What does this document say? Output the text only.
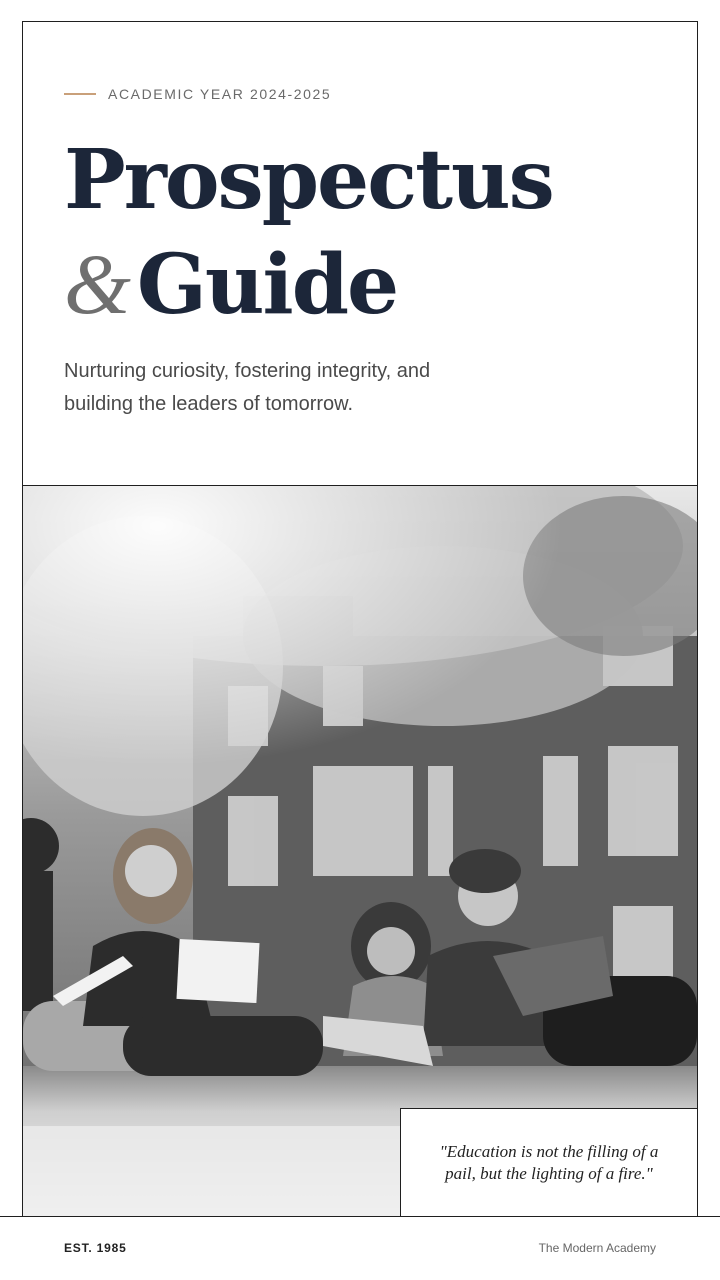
ACADEMIC YEAR 2024-2025
Prospectus
&Guide
Nurturing curiosity, fostering integrity, and building the leaders of tomorrow.
"Education is not the filling of a pail, but the lighting of a fire."
EST. 1985	The Modern Academy
